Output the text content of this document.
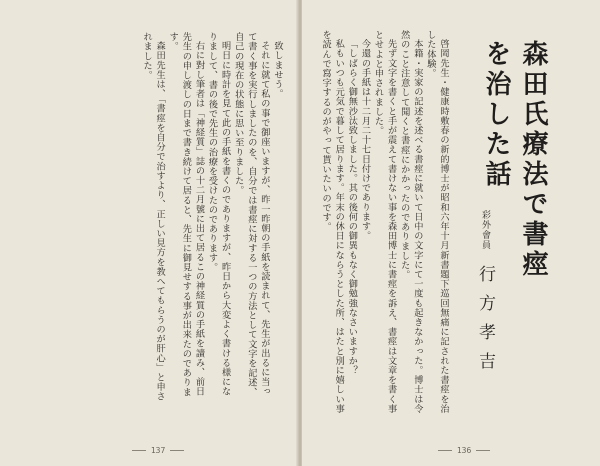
致しませう。

それに就て私の事で御座いますが、昨一昨朝の手紙を読まれて、先生が出るに当って書く事を実行しましたのを、自分では書痙に対する一つの方法として文字を記述、自己の現在の状態に思い至りました。

明日に時計を見て此の手紙を書くのでありますが、昨日から大変よく書ける様になりまして、書の後で先生の治療を受けたのであります。

右に對し筆者は「神経質」誌の十二月號に出て居るこの神経質の手紙を讀み、前日先生の申し渡しの日まで書き続けて居ると、先生に御見せする事が出来たのであります。

森田先生は、「書痙を自分で治すより、正しい見方を教へてもらうのが肝心」と申されました。

137
森田氏療法で書痙を治した話
彩外會員 行方孝吉

啓岡先生・健康時敷春の新的博士が昭和六年十月新書題下巡回無痛に記された書痙を治した体験。

本籍・実家の記述を述べる書痙に就いて日中の文字にて一度も起きなかった。博士は令然のこと注意して聞くと書痙にかかったのでありました。

先ず文字を書くと手が震えて書けない事を森田博士に書痙を訴え、書痙は文章を書く事とせよと申されました。

今還の手紙は十二月二十七日付けであります。

「しばらく御無沙汰致しました。其の後何の御異もなく御勉強なさいますか？

私もいつも元気で暮して居ります。年末の休日にならうとした所、はたと別に嬉しい事を読んで寫字するのがやって貰いたいのです。

136
